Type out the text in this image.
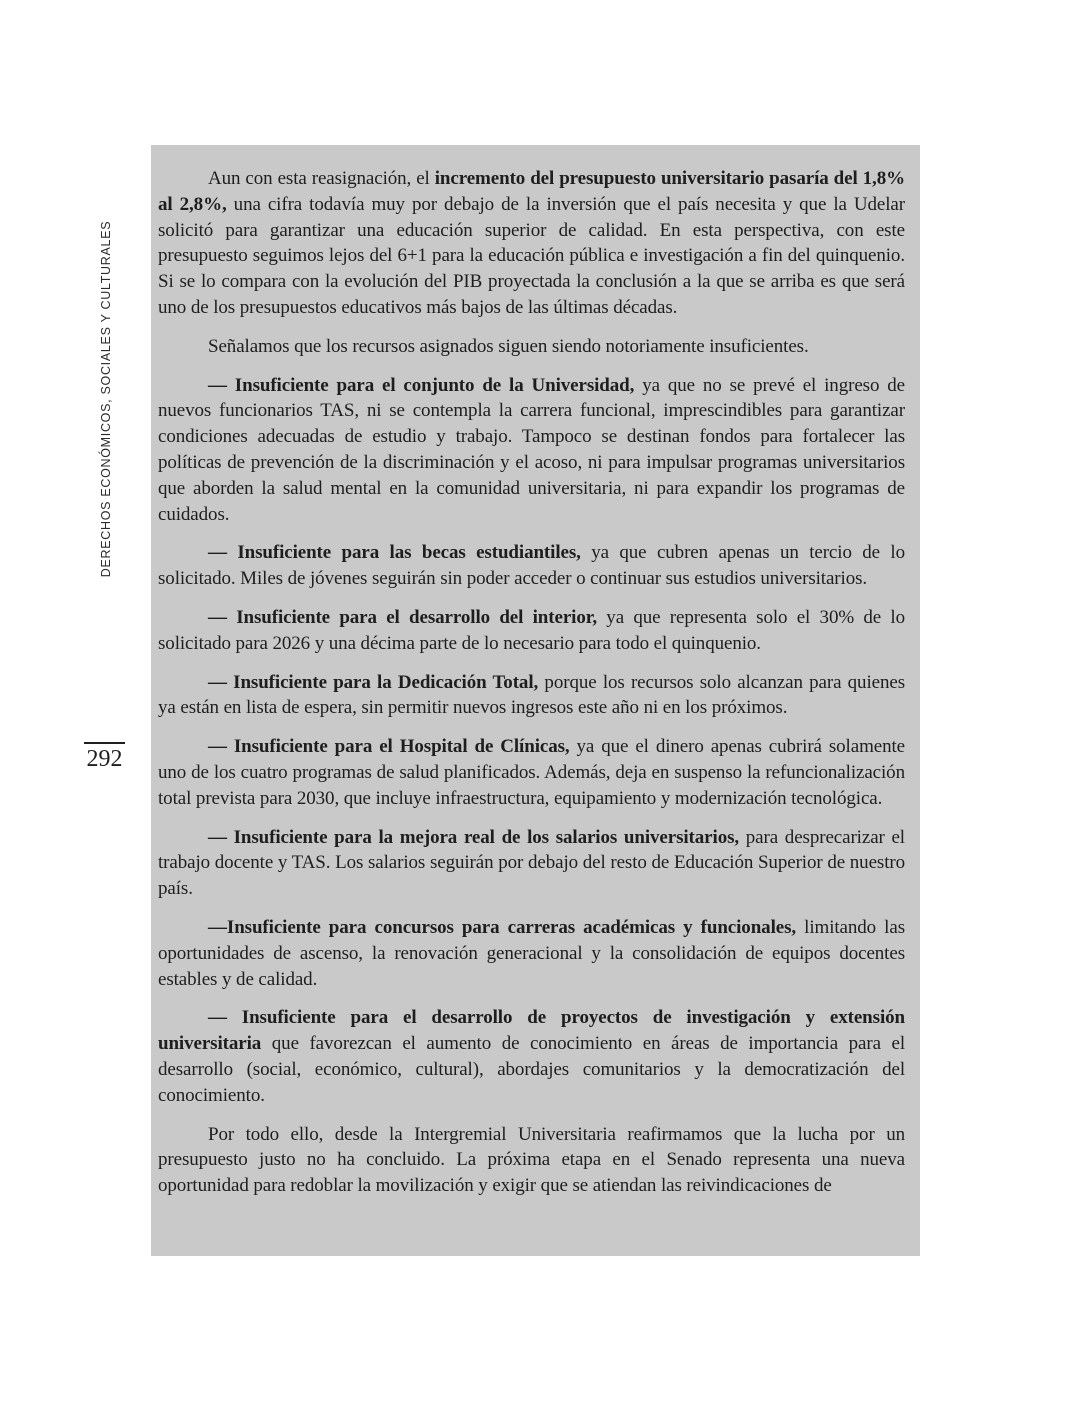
DERECHOS ECONÓMICOS, SOCIALES Y CULTURALES
292

Aun con esta reasignación, el incremento del presupuesto universitario pasaría del 1,8% al 2,8%, una cifra todavía muy por debajo de la inversión que el país necesita y que la Udelar solicitó para garantizar una educación superior de calidad. En esta perspectiva, con este presupuesto seguimos lejos del 6+1 para la educación pública e investigación a fin del quinquenio. Si se lo compara con la evolución del PIB proyectada la conclusión a la que se arriba es que será uno de los presupuestos educativos más bajos de las últimas décadas.

Señalamos que los recursos asignados siguen siendo notoriamente insuficientes.

— Insuficiente para el conjunto de la Universidad, ya que no se prevé el ingreso de nuevos funcionarios TAS, ni se contempla la carrera funcional, imprescindibles para garantizar condiciones adecuadas de estudio y trabajo. Tampoco se destinan fondos para fortalecer las políticas de prevención de la discriminación y el acoso, ni para impulsar programas universitarios que aborden la salud mental en la comunidad universitaria, ni para expandir los programas de cuidados.

— Insuficiente para las becas estudiantiles, ya que cubren apenas un tercio de lo solicitado. Miles de jóvenes seguirán sin poder acceder o continuar sus estudios universitarios.

— Insuficiente para el desarrollo del interior, ya que representa solo el 30% de lo solicitado para 2026 y una décima parte de lo necesario para todo el quinquenio.

— Insuficiente para la Dedicación Total, porque los recursos solo alcanzan para quienes ya están en lista de espera, sin permitir nuevos ingresos este año ni en los próximos.

— Insuficiente para el Hospital de Clínicas, ya que el dinero apenas cubrirá solamente uno de los cuatro programas de salud planificados. Además, deja en suspenso la refuncionalización total prevista para 2030, que incluye infraestructura, equipamiento y modernización tecnológica.

— Insuficiente para la mejora real de los salarios universitarios, para desprecarizar el trabajo docente y TAS. Los salarios seguirán por debajo del resto de Educación Superior de nuestro país.

—Insuficiente para concursos para carreras académicas y funcionales, limitando las oportunidades de ascenso, la renovación generacional y la consolidación de equipos docentes estables y de calidad.

— Insuficiente para el desarrollo de proyectos de investigación y extensión universitaria que favorezcan el aumento de conocimiento en áreas de importancia para el desarrollo (social, económico, cultural), abordajes comunitarios y la democratización del conocimiento.

Por todo ello, desde la Intergremial Universitaria reafirmamos que la lucha por un presupuesto justo no ha concluido. La próxima etapa en el Senado representa una nueva oportunidad para redoblar la movilización y exigir que se atiendan las reivindicaciones de
